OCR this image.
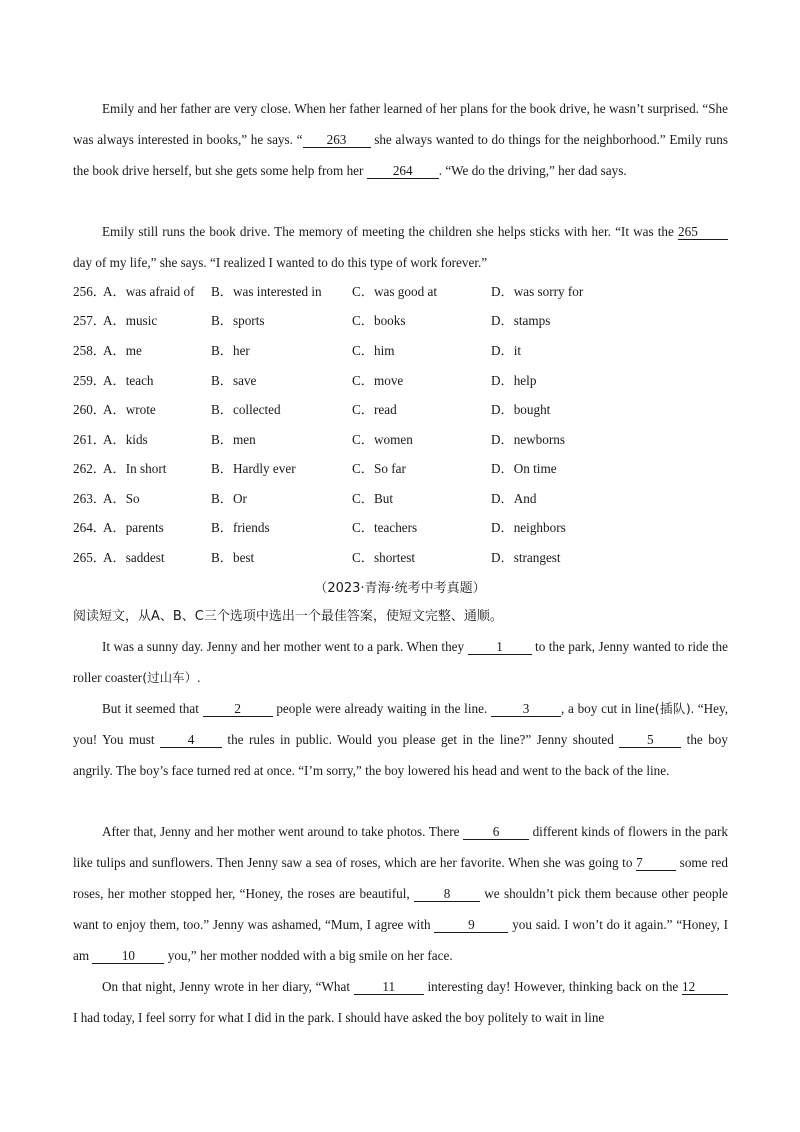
Emily and her father are very close. When her father learned of her plans for the book drive, he wasn’t surprised. “She was always interested in books,” he says. “ 263 she always wanted to do things for the neighborhood.” Emily runs the book drive herself, but she gets some help from her 264 . “We do the driving,” her dad says.
Emily still runs the book drive. The memory of meeting the children she helps sticks with her. “It was the 265 day of my life,” she says. “I realized I wanted to do this type of work forever.”
256．
A．was afraid of B．was interested in C．was good at	D．was sorry for
257．
A．music	B．sports	C．books	D．stamps
258．
A．me	B．her	C．him	D．it
259．
A．teach	B．save	C．move	D．help
260．
A．wrote	B．collected	C．read	D．bought
261．
A．kids	B．men	C．women	D．newborns
262．
A．In short	B．Hardly ever	C．So far	D．On time
263．
A．So	B．Or	C．But	D．And
264．
A．parents	B．friends	C．teachers	D．neighbors
265．
A．saddest	B．best	C．shortest	D．strangest
（2023·青海·统考中考真题）
阅读短文，从A、B、C三个选项中选出一个最佳答案，使短文完整、通顺。
It was a sunny day. Jenny and her mother went to a park. When they 1 to the park, Jenny wanted to ride the roller coaster(过山车）.
But it seemed that 2 people were already waiting in the line. 3 , a boy cut in line(插队). “Hey, you! You must 4 the rules in public. Would you please get in the line?” Jenny shouted 5 the boy angrily. The boy’s face turned red at once. “I’m sorry,” the boy lowered his head and went to the back of the line.
After that, Jenny and her mother went around to take photos. There 6 different kinds of flowers in the park like tulips and sunflowers. Then Jenny saw a sea of roses, which are her favorite. When she was going to 7	some red roses, her mother stopped her, “Honey, the roses are beautiful, 8 we shouldn’t pick them because other people want to enjoy them, too.” Jenny was ashamed, “Mum, I agree with	9	you said. I won’t do it again.” “Honey, I am 10 you,” her mother nodded with a big smile on her face.
On that night, Jenny wrote in her diary, “What 11 interesting day! However, thinking back on the 12 I had today, I feel sorry for what I did in the park. I should have asked the boy politely to wait in line
